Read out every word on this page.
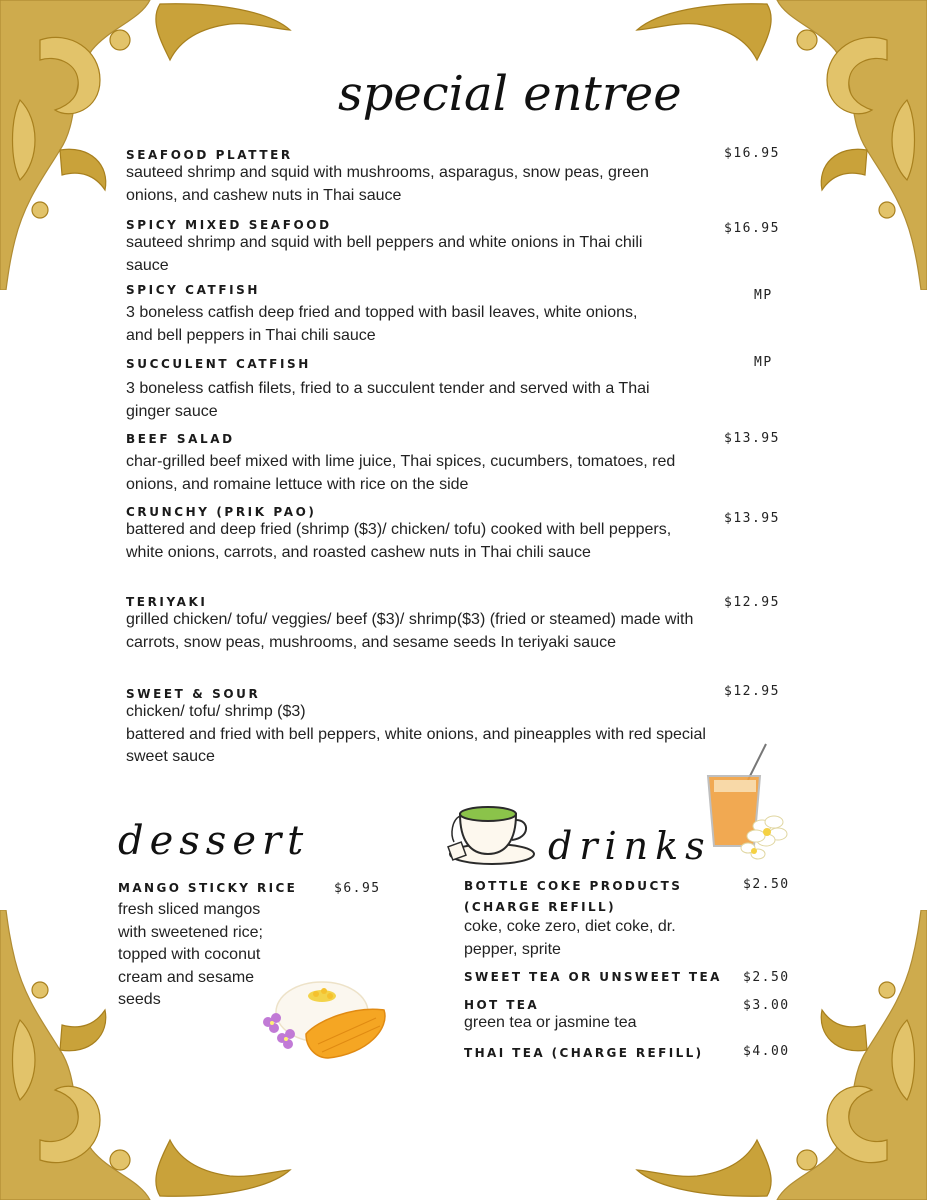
special entree
SEAFOOD PLATTER
sauteed shrimp and squid with mushrooms, asparagus, snow peas, green onions, and cashew nuts in Thai sauce
$16.95
SPICY MIXED SEAFOOD
sauteed shrimp and squid with bell peppers and white onions in Thai chili sauce
$16.95
SPICY CATFISH
3 boneless catfish deep fried and topped with basil leaves, white onions, and bell peppers in Thai chili sauce
MP
SUCCULENT CATFISH
3 boneless catfish filets, fried to a succulent tender and served with a Thai ginger sauce
MP
BEEF SALAD
char-grilled beef mixed with lime juice, Thai spices, cucumbers, tomatoes, red onions, and romaine lettuce with rice on the side
$13.95
CRUNCHY (PRIK PAO)
battered and deep fried (shrimp ($3)/ chicken/ tofu) cooked with bell peppers, white onions, carrots, and roasted cashew nuts in Thai chili sauce
$13.95
TERIYAKI
grilled chicken/ tofu/ veggies/ beef ($3)/ shrimp($3) (fried or steamed) made with carrots, snow peas, mushrooms, and sesame seeds In teriyaki sauce
$12.95
SWEET & SOUR
chicken/ tofu/ shrimp ($3)
battered and fried with bell peppers, white onions, and pineapples with red special sweet sauce
$12.95
dessert
MANGO STICKY RICE
fresh sliced mangos with sweetened rice; topped with coconut cream and sesame seeds
$6.95
drinks
BOTTLE COKE PRODUCTS (CHARGE REFILL)
coke, coke zero, diet coke, dr. pepper, sprite
$2.50
SWEET TEA OR UNSWEET TEA	$2.50
HOT TEA
green tea or jasmine tea
$3.00
THAI TEA (CHARGE REFILL)	$4.00
